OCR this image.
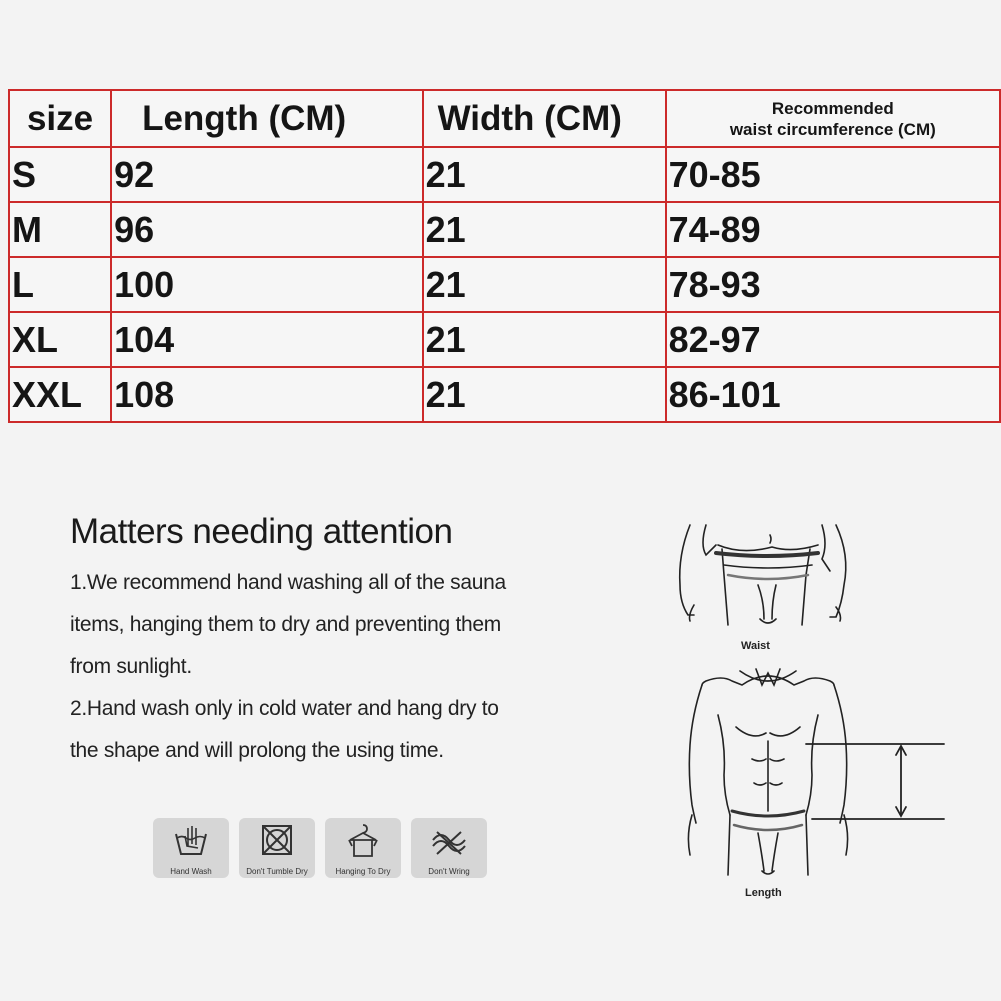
size	Length (CM)	Width (CM)	Recommended
waist circumference (CM)

S	92	21	70-85
M	96	21	74-89
L	100	21	78-93
XL	104	21	82-97
XXL	108	21	86-101
Matters needing attention

1.We recommend hand washing all of the sauna

items, hanging them to dry and preventing them

from sunlight.

2.Hand wash only in cold water and hang dry to

the shape and will prolong the using time.

Hand Wash	Don't Tumble Dry	Hanging To Dry	Don't Wring
Waist
Length
